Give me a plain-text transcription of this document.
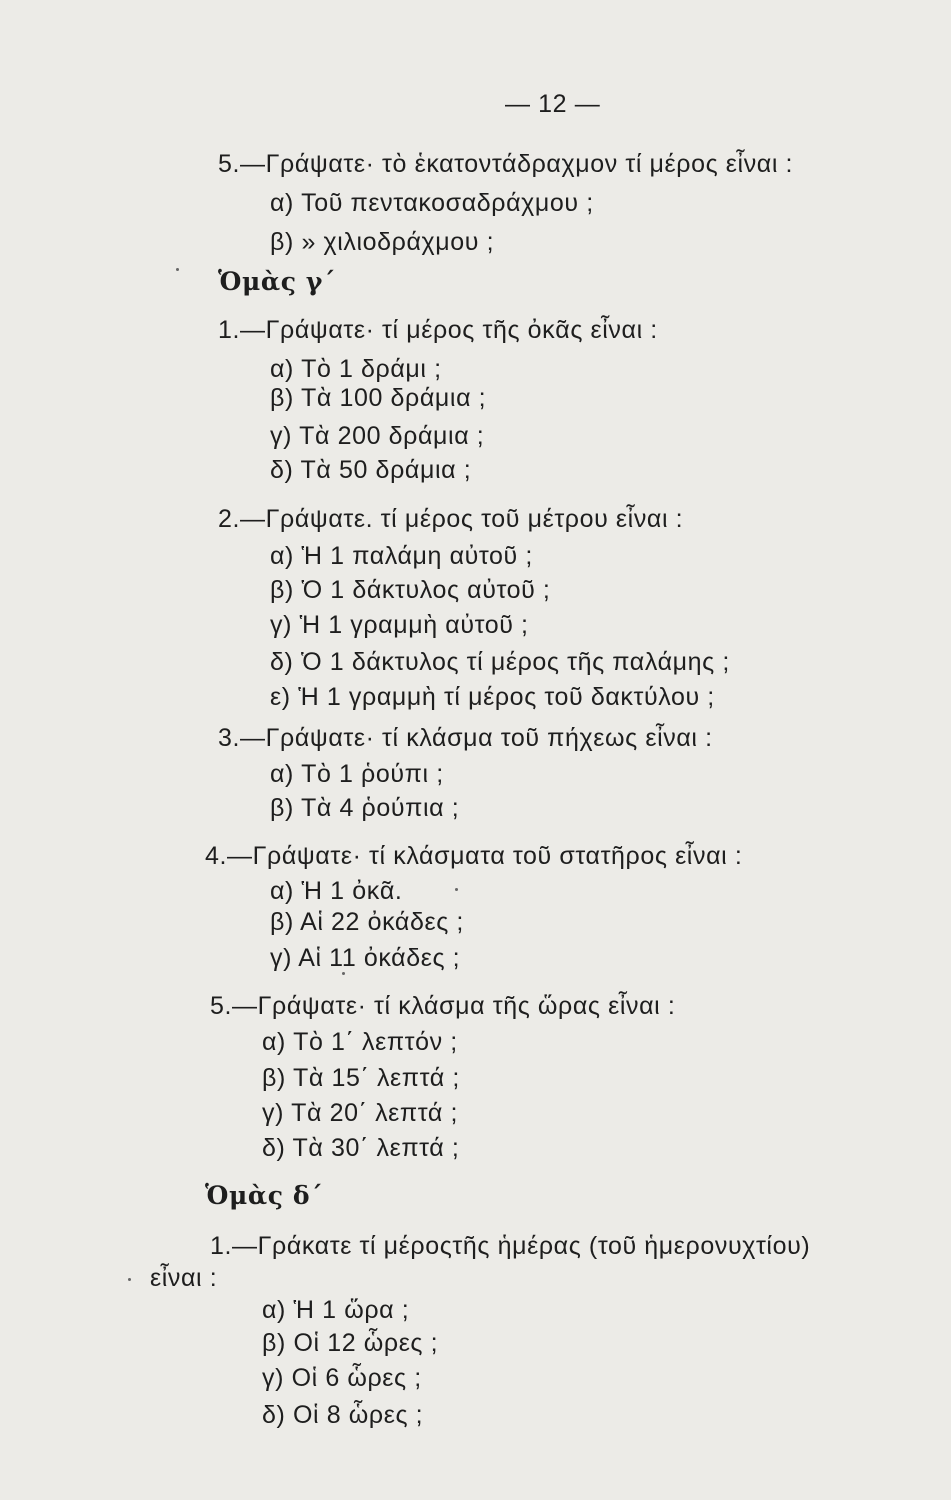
— 12 —
5.—Γράψατε· τὸ ἑκατοντάδραχμον τί μέρος εἶναι :
α) Τοῦ πεντακοσαδράχμου ;
β) » χιλιοδράχμου ;
Ὁμὰς γ΄
1.—Γράψατε· τί μέρος τῆς ὀκᾶς εἶναι :
α) Τὸ 1 δράμι ;
β) Τὰ 100 δράμια ;
γ) Τὰ 200 δράμια ;
δ) Τὰ 50 δράμια ;
2.—Γράψατε. τί μέρος τοῦ μέτρου εἶναι :
α) Ἡ 1 παλάμη αὐτοῦ ;
β) Ὁ 1 δάκτυλος αὐτοῦ ;
γ) Ἡ 1 γραμμὴ αὐτοῦ ;
δ) Ὁ 1 δάκτυλος τί μέρος τῆς παλάμης ;
ε) Ἡ 1 γραμμὴ τί μέρος τοῦ δακτύλου ;
3.—Γράψατε· τί κλάσμα τοῦ πήχεως εἶναι :
α) Τὸ 1 ῥούπι ;
β) Τὰ 4 ῥούπια ;
4.—Γράψατε· τί κλάσματα τοῦ στατῆρος εἶναι :
α) Ἡ 1 ὀκᾶ.
β) Αἱ 22 ὀκάδες ;
γ) Αἱ 11 ὀκάδες ;
5.—Γράψατε· τί κλάσμα τῆς ὥρας εἶναι :
α) Τὸ 1΄ λεπτόν ;
β) Τὰ 15΄ λεπτά ;
γ) Τὰ 20΄ λεπτά ;
δ) Τὰ 30΄ λεπτά ;
Ὁμὰς δ΄
1.—Γράκατε τί μέροςτῆς ἡμέρας (τοῦ ἡμερονυχτίου)
εἶναι :
α) Ἡ 1 ὥρα ;
β) Οἱ 12 ὧρες ;
γ) Οἱ 6 ὧρες ;
δ) Οἱ 8 ὧρες ;
